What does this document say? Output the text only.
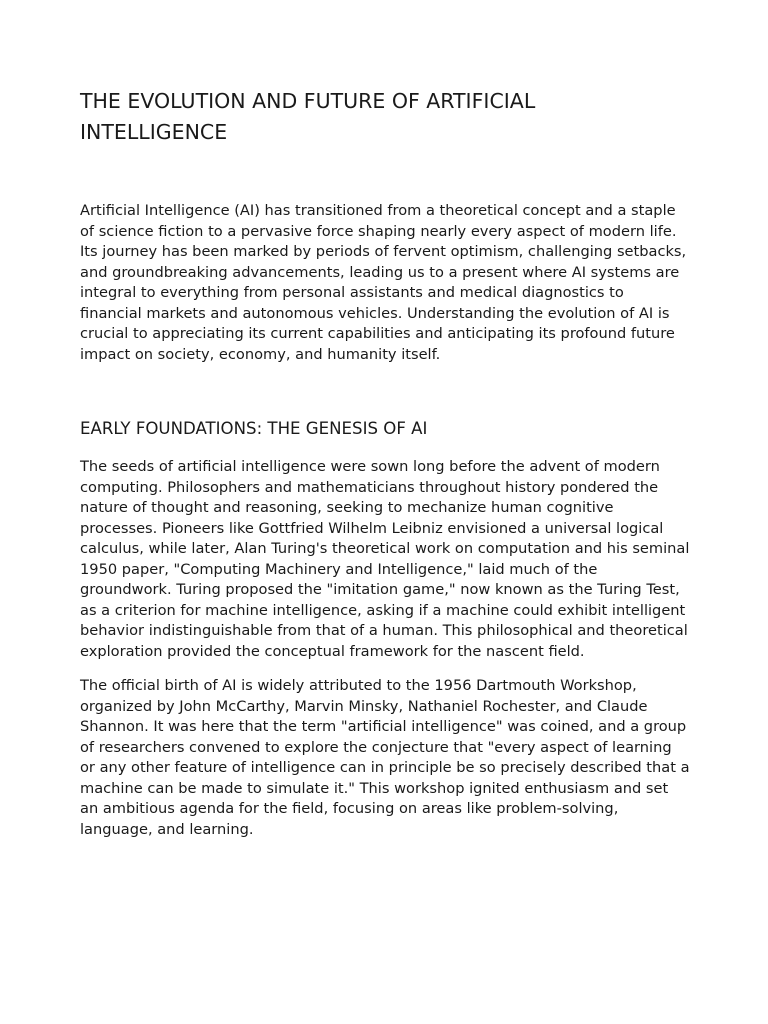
THE EVOLUTION AND FUTURE OF ARTIFICIAL INTELLIGENCE

Artificial Intelligence (AI) has transitioned from a theoretical concept and a staple of science fiction to a pervasive force shaping nearly every aspect of modern life. Its journey has been marked by periods of fervent optimism, challenging setbacks, and groundbreaking advancements, leading us to a present where AI systems are integral to everything from personal assistants and medical diagnostics to financial markets and autonomous vehicles. Understanding the evolution of AI is crucial to appreciating its current capabilities and anticipating its profound future impact on society, economy, and humanity itself.

EARLY FOUNDATIONS: THE GENESIS OF AI

The seeds of artificial intelligence were sown long before the advent of modern computing. Philosophers and mathematicians throughout history pondered the nature of thought and reasoning, seeking to mechanize human cognitive processes. Pioneers like Gottfried Wilhelm Leibniz envisioned a universal logical calculus, while later, Alan Turing's theoretical work on computation and his seminal 1950 paper, "Computing Machinery and Intelligence," laid much of the groundwork. Turing proposed the "imitation game," now known as the Turing Test, as a criterion for machine intelligence, asking if a machine could exhibit intelligent behavior indistinguishable from that of a human. This philosophical and theoretical exploration provided the conceptual framework for the nascent field.

The official birth of AI is widely attributed to the 1956 Dartmouth Workshop, organized by John McCarthy, Marvin Minsky, Nathaniel Rochester, and Claude Shannon. It was here that the term "artificial intelligence" was coined, and a group of researchers convened to explore the conjecture that "every aspect of learning or any other feature of intelligence can in principle be so precisely described that a machine can be made to simulate it." This workshop ignited enthusiasm and set an ambitious agenda for the field, focusing on areas like problem-solving, language, and learning.
